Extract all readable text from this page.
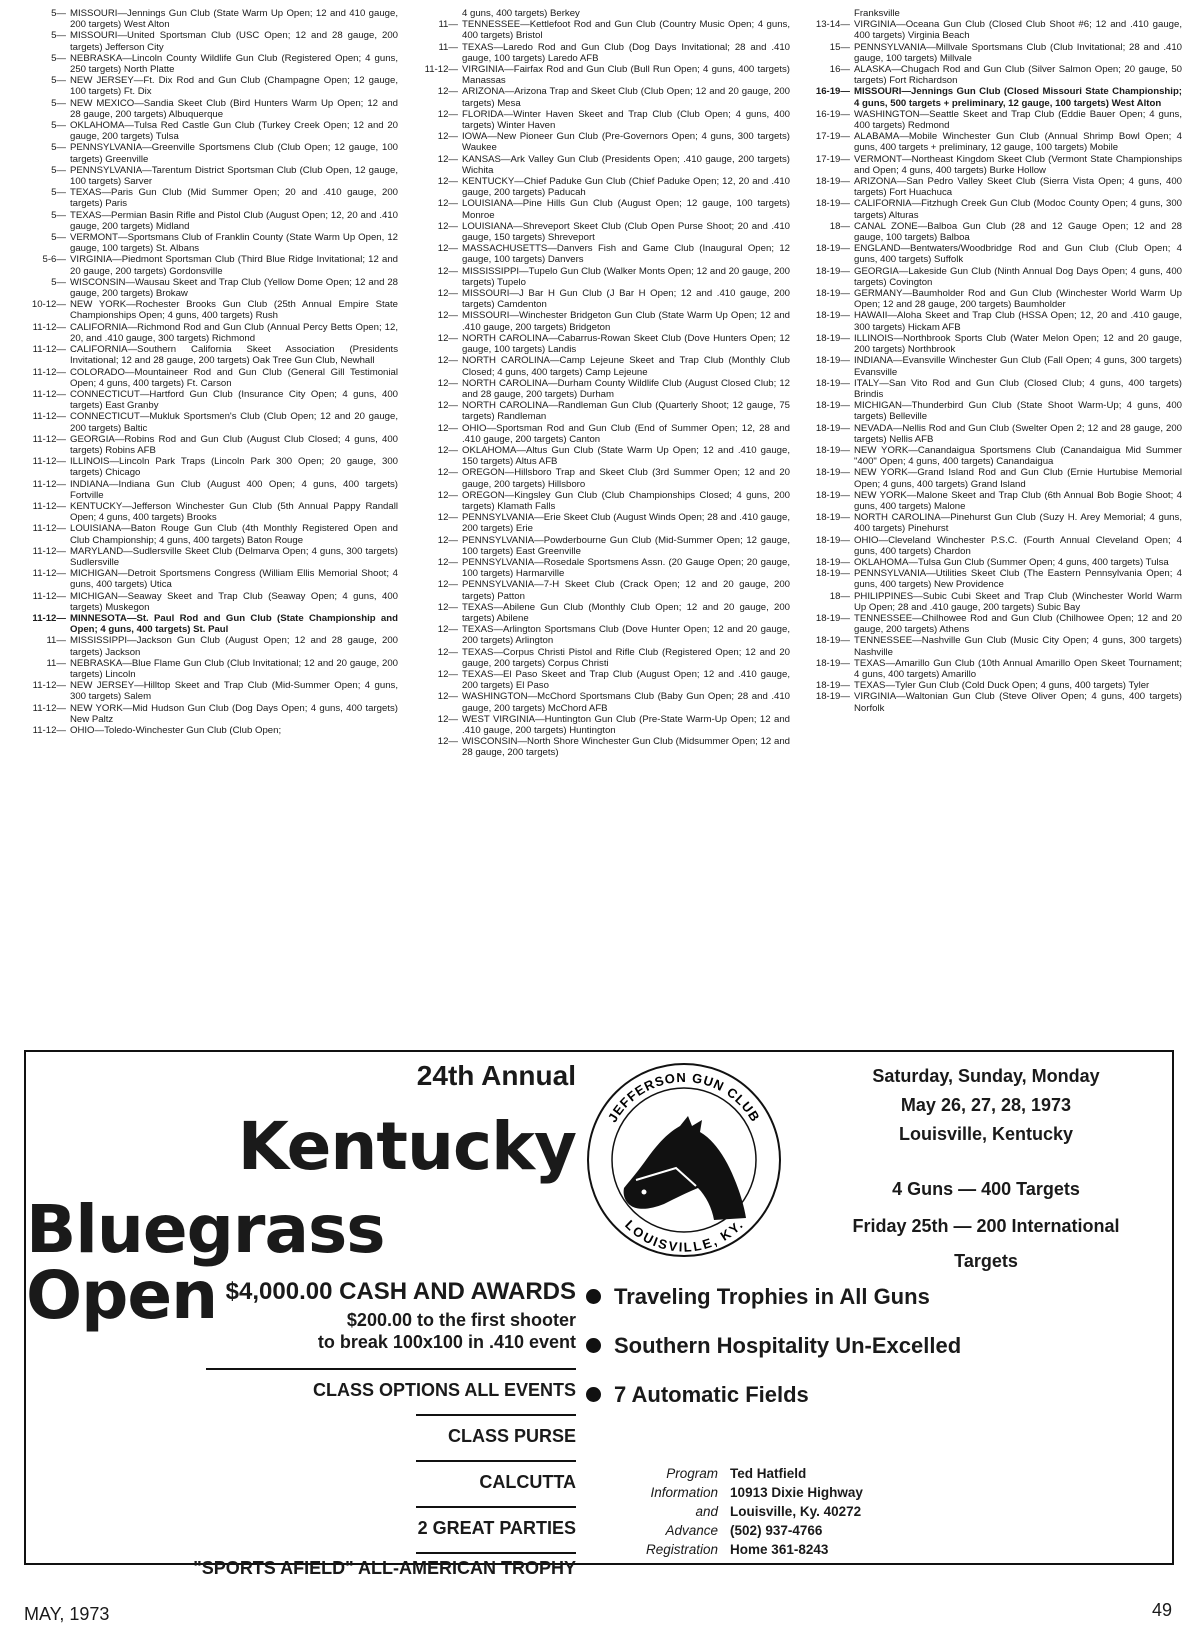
5— MISSOURI—Jennings Gun Club (State Warm Up Open; 12 and 410 gauge, 200 targets) West Alton

5— MISSOURI—United Sportsman Club (USC Open; 12 and 28 gauge, 200 targets) Jefferson City

5— NEBRASKA—Lincoln County Wildlife Gun Club (Registered Open; 4 guns, 250 targets) North Platte

5— NEW JERSEY—Ft. Dix Rod and Gun Club (Champagne Open; 12 gauge, 100 targets) Ft. Dix

5— NEW MEXICO—Sandia Skeet Club (Bird Hunters Warm Up Open; 12 and 28 gauge, 200 targets) Albuquerque

5— OKLAHOMA—Tulsa Red Castle Gun Club (Turkey Creek Open; 12 and 20 gauge, 200 targets) Tulsa

5— PENNSYLVANIA—Greenville Sportsmens Club (Club Open; 12 gauge, 100 targets) Greenville

5— PENNSYLVANIA—Tarentum District Sportsman Club (Club Open, 12 gauge, 100 targets) Sarver

5— TEXAS—Paris Gun Club (Mid Summer Open; 20 and .410 gauge, 200 targets) Paris

5— TEXAS—Permian Basin Rifle and Pistol Club (August Open; 12, 20 and .410 gauge, 200 targets) Midland

5— VERMONT—Sportsmans Club of Franklin County (State Warm Up Open, 12 gauge, 100 targets) St. Albans

5-6— VIRGINIA—Piedmont Sportsman Club (Third Blue Ridge Invitational; 12 and 20 gauge, 200 targets) Gordonsville

5— WISCONSIN—Wausau Skeet and Trap Club (Yellow Dome Open; 12 and 28 gauge, 200 targets) Brokaw

10-12— NEW YORK—Rochester Brooks Gun Club (25th Annual Empire State Championships Open; 4 guns, 400 targets) Rush

11-12— CALIFORNIA—Richmond Rod and Gun Club (Annual Percy Betts Open; 12, 20, and .410 gauge, 300 targets) Richmond

11-12— CALIFORNIA—Southern California Skeet Association (Presidents Invitational; 12 and 28 gauge, 200 targets) Oak Tree Gun Club, Newhall

11-12— COLORADO—Mountaineer Rod and Gun Club (General Gill Testimonial Open; 4 guns, 400 targets) Ft. Carson

11-12— CONNECTICUT—Hartford Gun Club (Insurance City Open; 4 guns, 400 targets) East Granby

11-12— CONNECTICUT—Mukluk Sportsmen's Club (Club Open; 12 and 20 gauge, 200 targets) Baltic

11-12— GEORGIA—Robins Rod and Gun Club (August Club Closed; 4 guns, 400 targets) Robins AFB

11-12— ILLINOIS—Lincoln Park Traps (Lincoln Park 300 Open; 20 gauge, 300 targets) Chicago

11-12— INDIANA—Indiana Gun Club (August 400 Open; 4 guns, 400 targets) Fortville

11-12— KENTUCKY—Jefferson Winchester Gun Club (5th Annual Pappy Randall Open; 4 guns, 400 targets) Brooks

11-12— LOUISIANA—Baton Rouge Gun Club (4th Monthly Registered Open and Club Championship; 4 guns, 400 targets) Baton Rouge

11-12— MARYLAND—Sudlersville Skeet Club (Delmarva Open; 4 guns, 300 targets) Sudlersville

11-12— MICHIGAN—Detroit Sportsmens Congress (William Ellis Memorial Shoot; 4 guns, 400 targets) Utica

11-12— MICHIGAN—Seaway Skeet and Trap Club (Seaway Open; 4 guns, 400 targets) Muskegon

11-12— MINNESOTA—St. Paul Rod and Gun Club (State Championship and Open; 4 guns, 400 targets) St. Paul

11— MISSISSIPPI—Jackson Gun Club (August Open; 12 and 28 gauge, 200 targets) Jackson

11— NEBRASKA—Blue Flame Gun Club (Club Invitational; 12 and 20 gauge, 200 targets) Lincoln

11-12— NEW JERSEY—Hilltop Skeet and Trap Club (Mid-Summer Open; 4 guns, 300 targets) Salem

11-12— NEW YORK—Mid Hudson Gun Club (Dog Days Open; 4 guns, 400 targets) New Paltz

11-12— OHIO—Toledo-Winchester Gun Club (Club Open;

4 guns, 400 targets) Berkey

11— TENNESSEE—Kettlefoot Rod and Gun Club (Country Music Open; 4 guns, 400 targets) Bristol

11— TEXAS—Laredo Rod and Gun Club (Dog Days Invitational; 28 and .410 gauge, 100 targets) Laredo AFB

11-12— VIRGINIA—Fairfax Rod and Gun Club (Bull Run Open; 4 guns, 400 targets) Manassas

12— ARIZONA—Arizona Trap and Skeet Club (Club Open; 12 and 20 gauge, 200 targets) Mesa

12— FLORIDA—Winter Haven Skeet and Trap Club (Club Open; 4 guns, 400 targets) Winter Haven

12— IOWA—New Pioneer Gun Club (Pre-Governors Open; 4 guns, 300 targets) Waukee

12— KANSAS—Ark Valley Gun Club (Presidents Open; .410 gauge, 200 targets) Wichita

12— KENTUCKY—Chief Paduke Gun Club (Chief Paduke Open; 12, 20 and .410 gauge, 200 targets) Paducah

12— LOUISIANA—Pine Hills Gun Club (August Open; 12 gauge, 100 targets) Monroe

12— LOUISIANA—Shreveport Skeet Club (Club Open Purse Shoot; 20 and .410 gauge, 150 targets) Shreveport

12— MASSACHUSETTS—Danvers Fish and Game Club (Inaugural Open; 12 gauge, 100 targets) Danvers

12— MISSISSIPPI—Tupelo Gun Club (Walker Monts Open; 12 and 20 gauge, 200 targets) Tupelo

12— MISSOURI—J Bar H Gun Club (J Bar H Open; 12 and .410 gauge, 200 targets) Camdenton

12— MISSOURI—Winchester Bridgeton Gun Club (State Warm Up Open; 12 and .410 gauge, 200 targets) Bridgeton

12— NORTH CAROLINA—Cabarrus-Rowan Skeet Club (Dove Hunters Open; 12 gauge, 100 targets) Landis

12— NORTH CAROLINA—Camp Lejeune Skeet and Trap Club (Monthly Club Closed; 4 guns, 400 targets) Camp Lejeune

12— NORTH CAROLINA—Durham County Wildlife Club (August Closed Club; 12 and 28 gauge, 200 targets) Durham

12— NORTH CAROLINA—Randleman Gun Club (Quarterly Shoot; 12 gauge, 75 targets) Randleman

12— OHIO—Sportsman Rod and Gun Club (End of Summer Open; 12, 28 and .410 gauge, 200 targets) Canton

12— OKLAHOMA—Altus Gun Club (State Warm Up Open; 12 and .410 gauge, 150 targets) Altus AFB

12— OREGON—Hillsboro Trap and Skeet Club (3rd Summer Open; 12 and 20 gauge, 200 targets) Hillsboro

12— OREGON—Kingsley Gun Club (Club Championships Closed; 4 guns, 200 targets) Klamath Falls

12— PENNSYLVANIA—Erie Skeet Club (August Winds Open; 28 and .410 gauge, 200 targets) Erie

12— PENNSYLVANIA—Powderbourne Gun Club (Mid-Summer Open; 12 gauge, 100 targets) East Greenville

12— PENNSYLVANIA—Rosedale Sportsmens Assn. (20 Gauge Open; 20 gauge, 100 targets) Harmarville

12— PENNSYLVANIA—7-H Skeet Club (Crack Open; 12 and 20 gauge, 200 targets) Patton

12— TEXAS—Abilene Gun Club (Monthly Club Open; 12 and 20 gauge, 200 targets) Abilene

12— TEXAS—Arlington Sportsmans Club (Dove Hunter Open; 12 and 20 gauge, 200 targets) Arlington

12— TEXAS—Corpus Christi Pistol and Rifle Club (Registered Open; 12 and 20 gauge, 200 targets) Corpus Christi

12— TEXAS—El Paso Skeet and Trap Club (August Open; 12 and .410 gauge, 200 targets) El Paso

12— WASHINGTON—McChord Sportsmans Club (Baby Gun Open; 28 and .410 gauge, 200 targets) McChord AFB

12— WEST VIRGINIA—Huntington Gun Club (Pre-State Warm-Up Open; 12 and .410 gauge, 200 targets) Huntington

12— WISCONSIN—North Shore Winchester Gun Club (Midsummer Open; 12 and 28 gauge, 200 targets)

Franksville

13-14— VIRGINIA—Oceana Gun Club (Closed Club Shoot #6; 12 and .410 gauge, 400 targets) Virginia Beach

15— PENNSYLVANIA—Millvale Sportsmans Club (Club Invitational; 28 and .410 gauge, 100 targets) Millvale

16— ALASKA—Chugach Rod and Gun Club (Silver Salmon Open; 20 gauge, 50 targets) Fort Richardson

16-19— MISSOURI—Jennings Gun Club (Closed Missouri State Championship; 4 guns, 500 targets + preliminary, 12 gauge, 100 targets) West Alton

16-19— WASHINGTON—Seattle Skeet and Trap Club (Eddie Bauer Open; 4 guns, 400 targets) Redmond

17-19— ALABAMA—Mobile Winchester Gun Club (Annual Shrimp Bowl Open; 4 guns, 400 targets + preliminary, 12 gauge, 100 targets) Mobile

17-19— VERMONT—Northeast Kingdom Skeet Club (Vermont State Championships and Open; 4 guns, 400 targets) Burke Hollow

18-19— ARIZONA—San Pedro Valley Skeet Club (Sierra Vista Open; 4 guns, 400 targets) Fort Huachuca

18-19— CALIFORNIA—Fitzhugh Creek Gun Club (Modoc County Open; 4 guns, 300 targets) Alturas

18— CANAL ZONE—Balboa Gun Club (28 and 12 Gauge Open; 12 and 28 gauge, 100 targets) Balboa

18-19— ENGLAND—Bentwaters/Woodbridge Rod and Gun Club (Club Open; 4 guns, 400 targets) Suffolk

18-19— GEORGIA—Lakeside Gun Club (Ninth Annual Dog Days Open; 4 guns, 400 targets) Covington

18-19— GERMANY—Baumholder Rod and Gun Club (Winchester World Warm Up Open; 12 and 28 gauge, 200 targets) Baumholder

18-19— HAWAII—Aloha Skeet and Trap Club (HSSA Open; 12, 20 and .410 gauge, 300 targets) Hickam AFB

18-19— ILLINOIS—Northbrook Sports Club (Water Melon Open; 12 and 20 gauge, 200 targets) Northbrook

18-19— INDIANA—Evansville Winchester Gun Club (Fall Open; 4 guns, 300 targets) Evansville

18-19— ITALY—San Vito Rod and Gun Club (Closed Club; 4 guns, 400 targets) Brindis

18-19— MICHIGAN—Thunderbird Gun Club (State Shoot Warm-Up; 4 guns, 400 targets) Belleville

18-19— NEVADA—Nellis Rod and Gun Club (Swelter Open 2; 12 and 28 gauge, 200 targets) Nellis AFB

18-19— NEW YORK—Canandaigua Sportsmens Club (Canandaigua Mid Summer "400" Open; 4 guns, 400 targets) Canandaigua

18-19— NEW YORK—Grand Island Rod and Gun Club (Ernie Hurtubise Memorial Open; 4 guns, 400 targets) Grand Island

18-19— NEW YORK—Malone Skeet and Trap Club (6th Annual Bob Bogie Shoot; 4 guns, 400 targets) Malone

18-19— NORTH CAROLINA—Pinehurst Gun Club (Suzy H. Arey Memorial; 4 guns, 400 targets) Pinehurst

18-19— OHIO—Cleveland Winchester P.S.C. (Fourth Annual Cleveland Open; 4 guns, 400 targets) Chardon

18-19— OKLAHOMA—Tulsa Gun Club (Summer Open; 4 guns, 400 targets) Tulsa

18-19— PENNSYLVANIA—Utilities Skeet Club (The Eastern Pennsylvania Open; 4 guns, 400 targets) New Providence

18— PHILIPPINES—Subic Cubi Skeet and Trap Club (Winchester World Warm Up Open; 28 and .410 gauge, 200 targets) Subic Bay

18-19— TENNESSEE—Chilhowee Rod and Gun Club (Chilhowee Open; 12 and 20 gauge, 200 targets) Athens

18-19— TENNESSEE—Nashville Gun Club (Music City Open; 4 guns, 300 targets) Nashville

18-19— TEXAS—Amarillo Gun Club (10th Annual Amarillo Open Skeet Tournament; 4 guns, 400 targets) Amarillo

18-19— TEXAS—Tyler Gun Club (Cold Duck Open; 4 guns, 400 targets) Tyler

18-19— VIRGINIA—Waltonian Gun Club (Steve Oliver Open; 4 guns, 400 targets) Norfolk

24th Annual
Kentucky
Bluegrass Open $4,000.00 CASH AND AWARDS
$200.00 to the first shooter
to break 100x100 in .410 event
CLASS OPTIONS ALL EVENTS
CLASS PURSE
CALCUTTA
2 GREAT PARTIES
"SPORTS AFIELD" ALL-AMERICAN TROPHY
JEFFERSON GUN CLUB
LOUISVILLE, KY.
Saturday, Sunday, Monday
May 26, 27, 28, 1973
Louisville, Kentucky
4 Guns — 400 Targets
Friday 25th — 200 International
Targets
Traveling Trophies in All Guns
Southern Hospitality Un-Excelled
7 Automatic Fields
Program
Information
and
Advance
Registration
Ted Hatfield
10913 Dixie Highway
Louisville, Ky. 40272
(502) 937-4766
Home 361-8243
MAY, 1973	49
